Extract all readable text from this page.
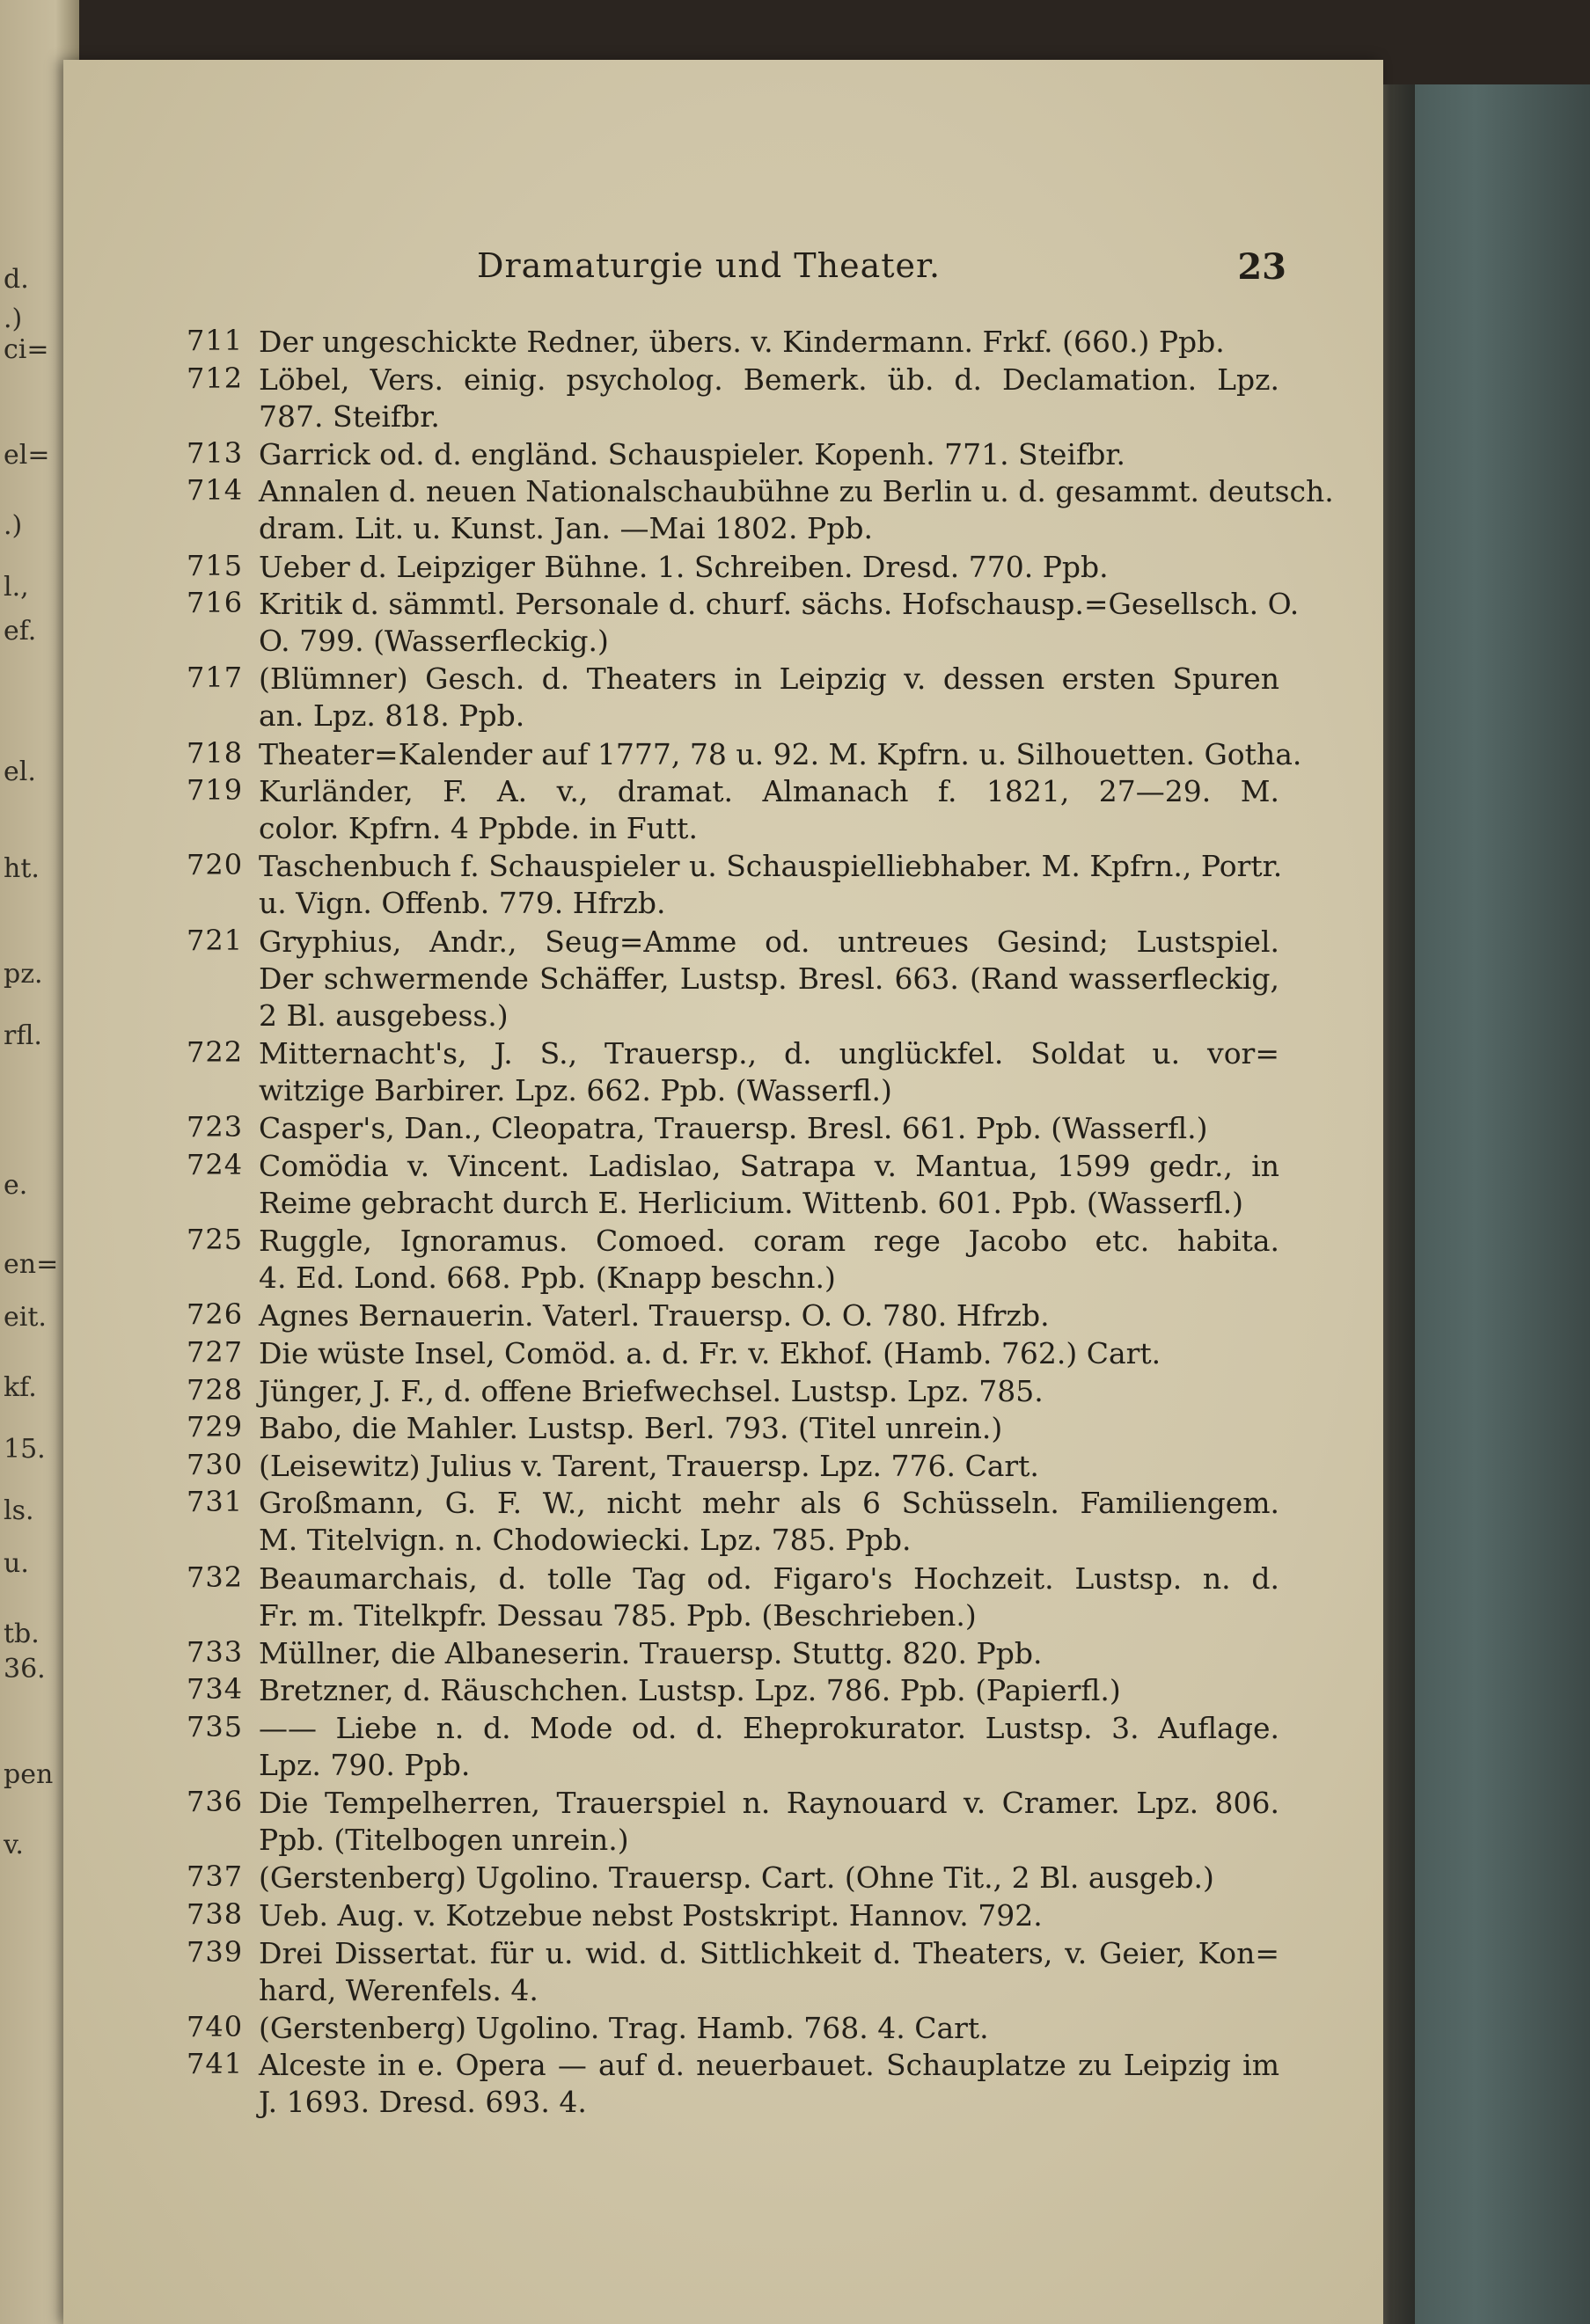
d.
.)
ci=
el=
.)
l.,
ef.
el.
ht.
pz.
rfl.
e.
en=
eit.
kf.
15.
ls.
u.
tb.
36.
pen
v.
Dramaturgie und Theater.	23
711 Der ungeschickte Redner, übers. v. Kindermann. Frkf. (660.) Ppb.
712 Löbel, Vers. einig. psycholog. Bemerk. üb. d. Declamation. Lpz.
787. Steifbr.
713 Garrick od. d. engländ. Schauspieler. Kopenh. 771. Steifbr.
714 Annalen d. neuen Nationalschaubühne zu Berlin u. d. gesammt. deutsch.
dram. Lit. u. Kunst. Jan. —Mai 1802. Ppb.
715 Ueber d. Leipziger Bühne. 1. Schreiben. Dresd. 770. Ppb.
716 Kritik d. sämmtl. Personale d. churf. sächs. Hofschausp.=Gesellsch. O.
O. 799. (Wasserfleckig.)
717 (Blümner) Gesch. d. Theaters in Leipzig v. dessen ersten Spuren
an. Lpz. 818. Ppb.
718 Theater=Kalender auf 1777, 78 u. 92. M. Kpfrn. u. Silhouetten. Gotha.
719 Kurländer, F. A. v., dramat. Almanach f. 1821, 27—29. M.
color. Kpfrn. 4 Ppbde. in Futt.
720 Taschenbuch f. Schauspieler u. Schauspielliebhaber. M. Kpfrn., Portr.
u. Vign. Offenb. 779. Hfrzb.
721 Gryphius, Andr., Seug=Amme od. untreues Gesind; Lustspiel.
Der schwermende Schäffer, Lustsp. Bresl. 663. (Rand wasserfleckig,
2 Bl. ausgebess.)
722 Mitternacht's, J. S., Trauersp., d. unglückfel. Soldat u. vor=
witzige Barbirer. Lpz. 662. Ppb. (Wasserfl.)
723 Casper's, Dan., Cleopatra, Trauersp. Bresl. 661. Ppb. (Wasserfl.)
724 Comödia v. Vincent. Ladislao, Satrapa v. Mantua, 1599 gedr., in
Reime gebracht durch E. Herlicium. Wittenb. 601. Ppb. (Wasserfl.)
725 Ruggle, Ignoramus. Comoed. coram rege Jacobo etc. habita.
4. Ed. Lond. 668. Ppb. (Knapp beschn.)
726 Agnes Bernauerin. Vaterl. Trauersp. O. O. 780. Hfrzb.
727 Die wüste Insel, Comöd. a. d. Fr. v. Ekhof. (Hamb. 762.) Cart.
728 Jünger, J. F., d. offene Briefwechsel. Lustsp. Lpz. 785.
729 Babo, die Mahler. Lustsp. Berl. 793. (Titel unrein.)
730 (Leisewitz) Julius v. Tarent, Trauersp. Lpz. 776. Cart.
731 Großmann, G. F. W., nicht mehr als 6 Schüsseln. Familiengem.
M. Titelvign. n. Chodowiecki. Lpz. 785. Ppb.
732 Beaumarchais, d. tolle Tag od. Figaro's Hochzeit. Lustsp. n. d.
Fr. m. Titelkpfr. Dessau 785. Ppb. (Beschrieben.)
733 Müllner, die Albaneserin. Trauersp. Stuttg. 820. Ppb.
734 Bretzner, d. Räuschchen. Lustsp. Lpz. 786. Ppb. (Papierfl.)
735 —— Liebe n. d. Mode od. d. Eheprokurator. Lustsp. 3. Auflage.
Lpz. 790. Ppb.
736 Die Tempelherren, Trauerspiel n. Raynouard v. Cramer. Lpz. 806.
Ppb. (Titelbogen unrein.)
737 (Gerstenberg) Ugolino. Trauersp. Cart. (Ohne Tit., 2 Bl. ausgeb.)
738 Ueb. Aug. v. Kotzebue nebst Postskript. Hannov. 792.
739 Drei Dissertat. für u. wid. d. Sittlichkeit d. Theaters, v. Geier, Kon=
hard, Werenfels. 4.
740 (Gerstenberg) Ugolino. Trag. Hamb. 768. 4. Cart.
741 Alceste in e. Opera — auf d. neuerbauet. Schauplatze zu Leipzig im
J. 1693. Dresd. 693. 4.
